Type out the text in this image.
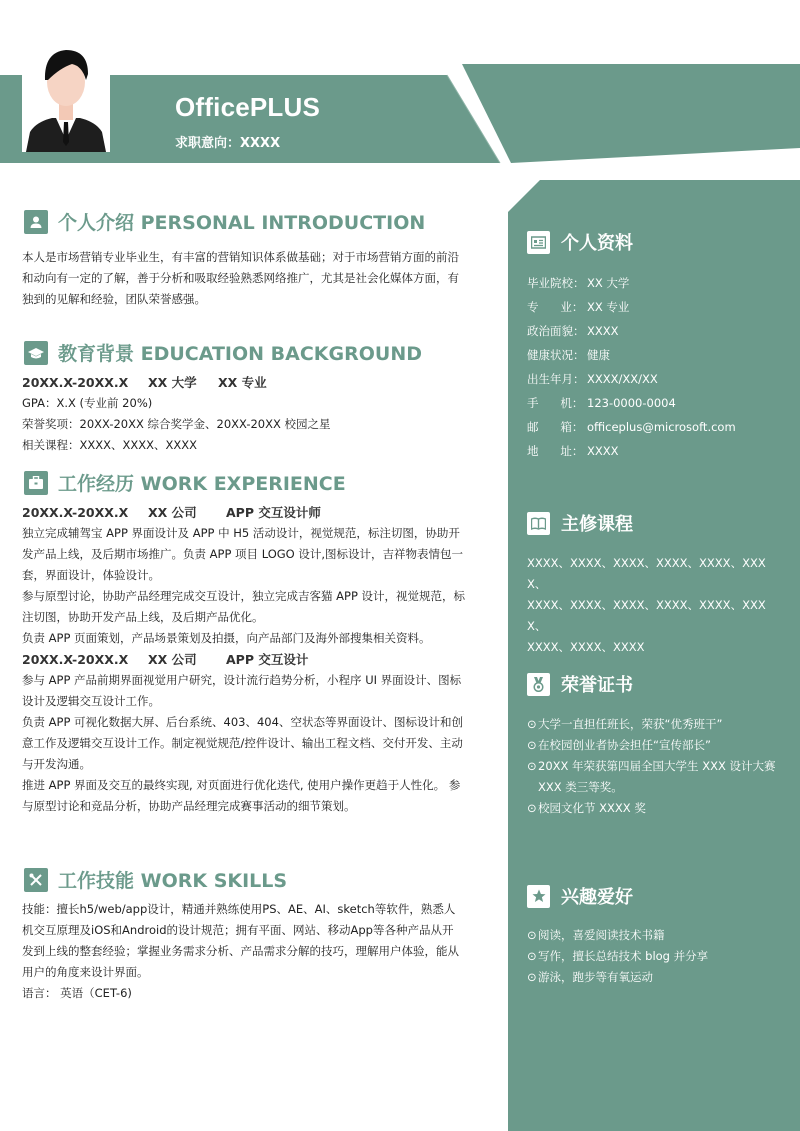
OfficePLUS
求职意向：XXXX
个人介绍 PERSONAL INTRODUCTION

本人是市场营销专业毕业生，有丰富的营销知识体系做基础；对于市场营销方面的前沿

和动向有一定的了解，善于分析和吸取经验熟悉网络推广，尤其是社会化媒体方面，有

独到的见解和经验，团队荣誉感强。

教育背景 EDUCATION BACKGROUND
20XX.X-20XX.X	XX 大学	XX 专业

GPA：X.X (专业前 20%)

荣誉奖项：20XX-20XX 综合奖学金、20XX-20XX 校园之星

相关课程：XXXX、XXXX、XXXX

工作经历 WORK EXPERIENCE
20XX.X-20XX.X	XX 公司	APP 交互设计师

独立完成辅驾宝 APP 界面设计及 APP 中 H5 活动设计，视觉规范，标注切图，协助开

发产品上线，及后期市场推广。负责 APP 项目 LOGO 设计,图标设计，吉祥物表情包一

套，界面设计，体验设计。

参与原型讨论，协助产品经理完成交互设计，独立完成吉客猫 APP 设计，视觉规范，标

注切图，协助开发产品上线，及后期产品优化。

负责 APP 页面策划，产品场景策划及拍摄，向产品部门及海外部搜集相关资料。

20XX.X-20XX.X	XX 公司	APP 交互设计

参与 APP 产品前期界面视觉用户研究，设计流行趋势分析，小程序 UI 界面设计、图标

设计及逻辑交互设计工作。

负责 APP 可视化数据大屏、后台系统、403、404、空状态等界面设计、图标设计和创

意工作及逻辑交互设计工作。制定视觉规范/控件设计、输出工程文档、交付开发、主动

与开发沟通。

推进 APP 界面及交互的最终实现, 对页面进行优化迭代, 使用户操作更趋于人性化。 参

与原型讨论和竞品分析，协助产品经理完成赛事活动的细节策划。

工作技能 WORK SKILLS

技能：擅长h5/web/app设计，精通并熟练使用PS、AE、AI、sketch等软件，熟悉人

机交互原理及iOS和Android的设计规范；拥有平面、网站、移动App等各种产品从开

发到上线的整套经验；掌握业务需求分析、产品需求分解的技巧，理解用户体验，能从

用户的角度来设计界面。

语言： 英语（CET-6)

个人资料
毕业院校： XX 大学
专      业： XX 专业
政治面貌： XXXX
健康状况： 健康
出生年月： XXXX/XX/XX
手      机： 123-0000-0004
邮      箱： officeplus@microsoft.com
地      址： XXXX
主修课程
XXXX、XXXX、XXXX、XXXX、XXXX、XXXX、
XXXX、XXXX、XXXX、XXXX、XXXX、XXXX、
XXXX、XXXX、XXXX
荣誉证书
⊙ 大学一直担任班长，荣获“优秀班干”
⊙ 在校园创业者协会担任“宣传部长”
⊙ 20XX 年荣获第四届全国大学生 XXX 设计大赛 XXX 类三等奖。
⊙ 校园文化节 XXXX 奖
兴趣爱好
⊙ 阅读，喜爱阅读技术书籍
⊙ 写作，擅长总结技术 blog 并分享
⊙ 游泳，跑步等有氧运动
